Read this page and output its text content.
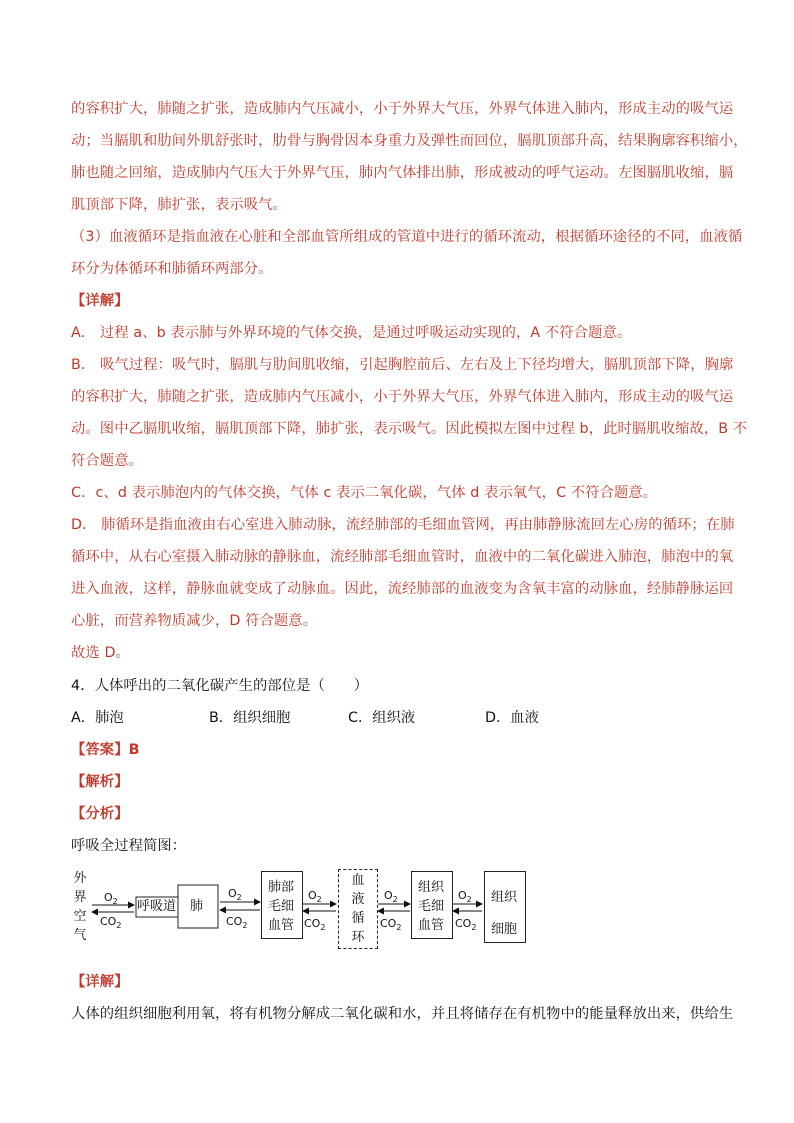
的容积扩大，肺随之扩张，造成肺内气压减小，小于外界大气压，外界气体进入肺内，形成主动的吸气运
动；当膈肌和肋间外肌舒张时，肋骨与胸骨因本身重力及弹性而回位，膈肌顶部升高，结果胸廓容积缩小，
肺也随之回缩，造成肺内气压大于外界气压，肺内气体排出肺，形成被动的呼气运动。左图膈肌收缩，膈
肌顶部下降，肺扩张，表示吸气。
（3）血液循环是指血液在心脏和全部血管所组成的管道中进行的循环流动，根据循环途径的不同，血液循
环分为体循环和肺循环两部分。
【详解】
A． 过程 a、b 表示肺与外界环境的气体交换，是通过呼吸运动实现的，A 不符合题意。
B． 吸气过程：吸气时，膈肌与肋间肌收缩，引起胸腔前后、左右及上下径均增大，膈肌顶部下降，胸廓
的容积扩大，肺随之扩张，造成肺内气压减小，小于外界大气压，外界气体进入肺内，形成主动的吸气运
动。图中乙膈肌收缩，膈肌顶部下降，肺扩张，表示吸气。因此模拟左图中过程 b，此时膈肌收缩故，B 不
符合题意。
C．c、d 表示肺泡内的气体交换，气体 c 表示二氧化碳，气体 d 表示氧气，C 不符合题意。
D． 肺循环是指血液由右心室进入肺动脉，流经肺部的毛细血管网，再由肺静脉流回左心房的循环；在肺
循环中，从右心室摄入肺动脉的静脉血，流经肺部毛细血管时，血液中的二氧化碳进入肺泡，肺泡中的氧
进入血液，这样，静脉血就变成了动脉血。因此，流经肺部的血液变为含氧丰富的动脉血，经肺静脉运回
心脏，而营养物质减少，D 符合题意。
故选 D。
4．人体呼出的二氧化碳产生的部位是（　　）
A．肺泡	B．组织细胞	C．组织液	D．血液
【答案】B
【解析】
【分析】
呼吸全过程简图：
外
界
空
气
$O_2$
$CO_2$
呼吸道 肺
$O_2$
$CO_2$
肺部
毛细
血管
$O_2$
$CO_2$
血
液
循
环
$O_2$
$CO_2$
组织
毛细
血管
$O_2$
$CO_2$
组织
细胞
【详解】
人体的组织细胞利用氧，将有机物分解成二氧化碳和水，并且将储存在有机物中的能量释放出来，供给生
